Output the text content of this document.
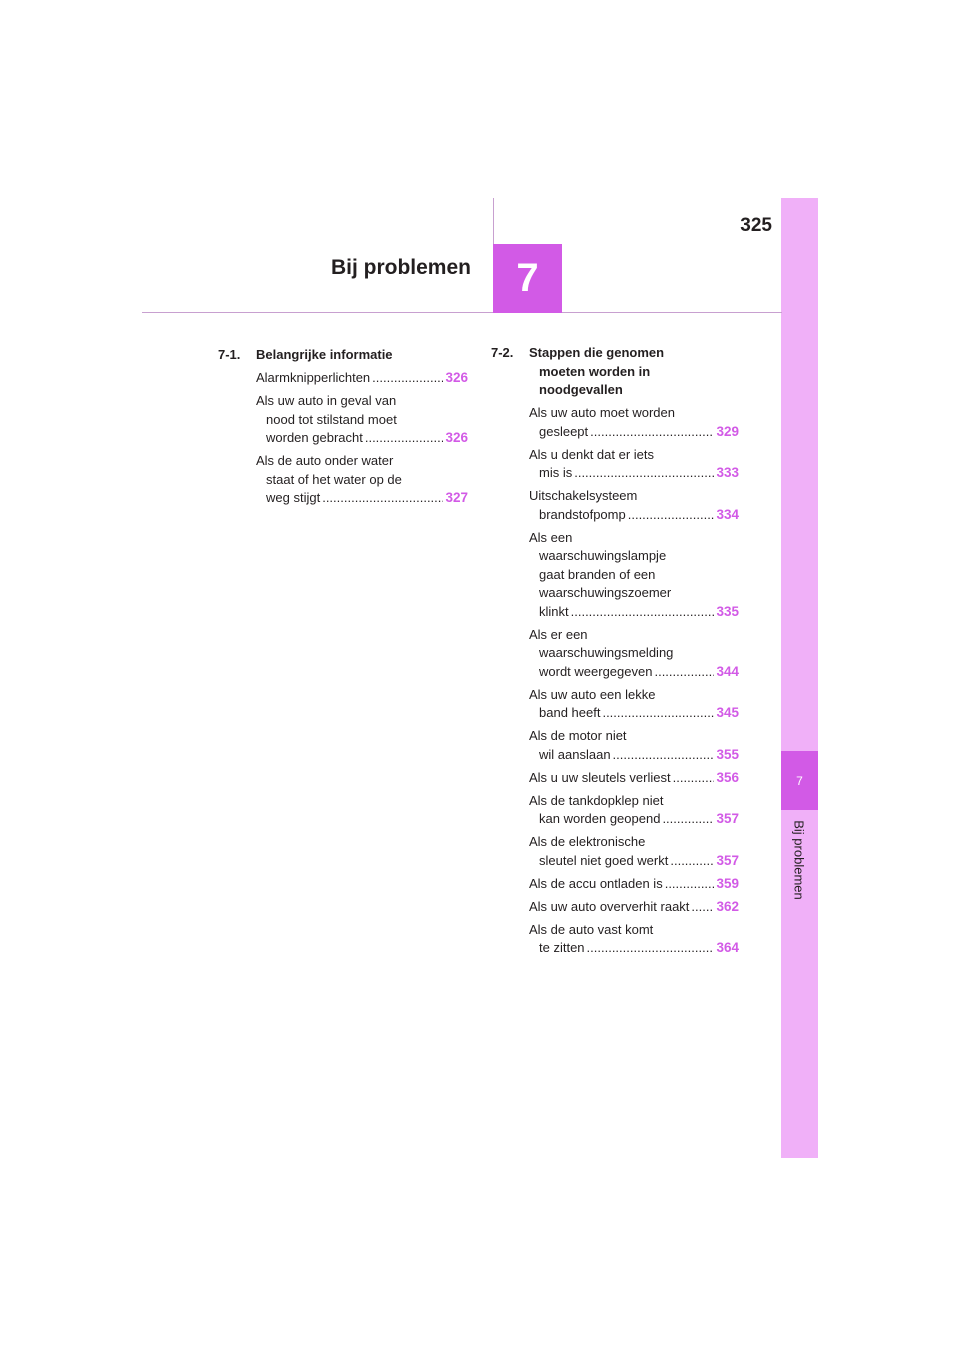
7
Bij problemen
325
Bij problemen	7
7-1. Belangrijke informatie
Alarmknipperlichten .....	326
Als uw auto in geval van
nood tot stilstand moet
worden gebracht .....	326
Als de auto onder water
staat of het water op de
weg stijgt .....	327
7-2. Stappen die genomen
moeten worden in
noodgevallen
Als uw auto moet worden
gesleept .....	329
Als u denkt dat er iets
mis is .....	333
Uitschakelsysteem
brandstofpomp .....	334
Als een
waarschuwingslampje
gaat branden of een
waarschuwingszoemer
klinkt .....	335
Als er een
waarschuwingsmelding
wordt weergegeven .....	344
Als uw auto een lekke
band heeft .....	345
Als de motor niet
wil aanslaan .....	355
Als u uw sleutels verliest .....	356
Als de tankdopklep niet
kan worden geopend .....	357
Als de elektronische
sleutel niet goed werkt .....	357
Als de accu ontladen is .....	359
Als uw auto oververhit raakt ..... 362
Als de auto vast komt
te zitten .....	364
